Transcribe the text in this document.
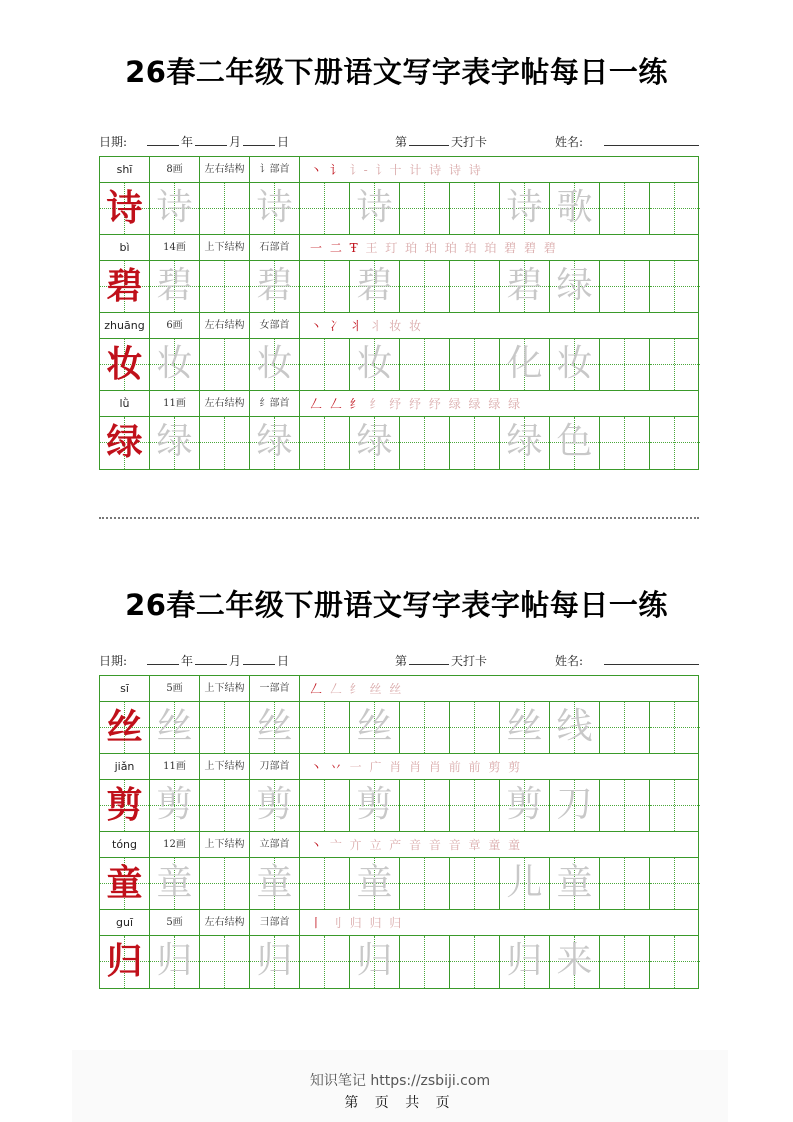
26春二年级下册语文写字表字帖每日一练
日期:	年	月	日	第	天打卡	姓名:
shī	8画	左右结构	讠部首	丶 讠 讠‐ 讠十 计 诗 诗 诗
诗 诗 诗 诗	诗 歌
bì	14画	上下结构	石部首	一 二 Ŧ 王 玎 珀 珀 珀 珀 珀 碧 碧 碧
碧 碧 碧 碧	碧 绿
zhuāng	6画	左右结构	女部首	丶 冫 丬 丬 妆 妆
妆 妆 妆 妆	化 妆
lǜ	11画	左右结构	纟部首	𠃋 𠃋 纟 纟 纾 纾 纾 绿 绿 绿 绿
绿 绿 绿 绿	绿 色
26春二年级下册语文写字表字帖每日一练
日期:	年	月	日	第	天打卡	姓名:
sī	5画	上下结构	一部首	𠃋 𠃋 纟 丝 丝
丝 丝 丝 丝	丝 线
jiǎn	11画	上下结构	刀部首	丶 丷 一 广 肖 肖 肖 前 前 剪 剪
剪 剪 剪 剪	剪 刀
tóng	12画	上下结构	立部首	丶 亠 亣 立 产 音 音 音 章 童 童
童 童 童 童	儿 童
guī	5画	左右结构	彐部首	丨 刂 归 归 归
归 归 归 归	归 来
知识笔记 https://zsbiji.com
第 页 共 页
